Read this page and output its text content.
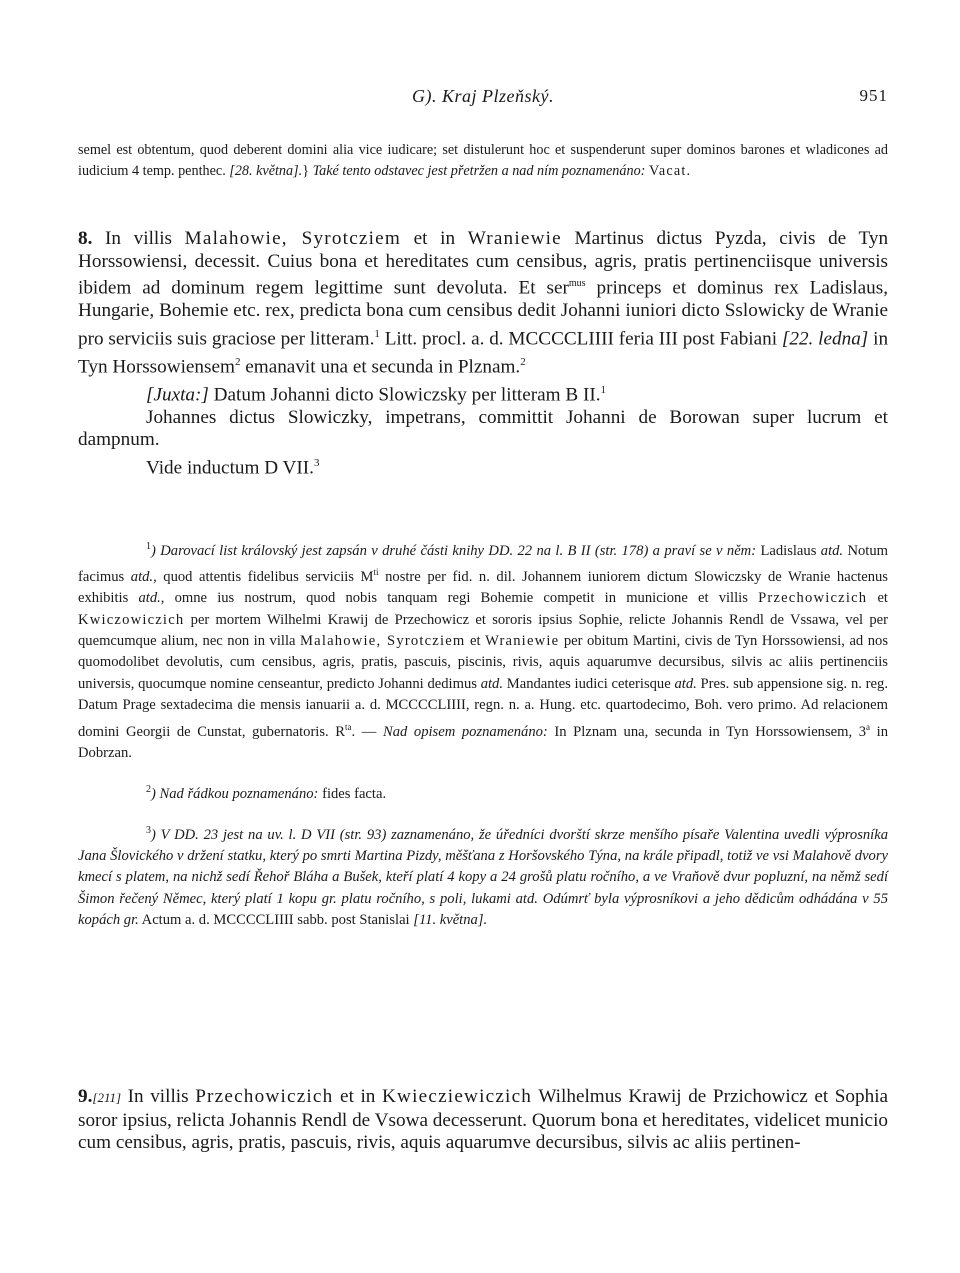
G). Kraj Plzeňský.	951

semel est obtentum, quod deberent domini alia vice iudicare; set distulerunt hoc et suspenderunt super dominos barones et wladicones ad iudicium 4 temp. penthec. [28. května].} Také tento odstavec jest přetržen a nad ním poznamenáno: Vacat.

8. In villis Malahowie, Syrotcziem et in Wraniewie Martinus dictus Pyzda, civis de Tyn Horssowiensi, decessit. Cuius bona et hereditates cum censibus, agris, pratis pertinenciisque universis ibidem ad dominum regem legittime sunt devoluta. Et ser$^{mus}$ princeps et dominus rex Ladislaus, Hungarie, Bohemie etc. rex, predicta bona cum censibus dedit Johanni iuniori dicto Sslowicky de Wranie pro serviciis suis graciose per litteram.$^1$ Litt. procl. a. d. MCCCCLIIII feria III post Fabiani [22. ledna] in Tyn Horssowiensem$^2$ emanavit una et secunda in Plznam.$^2$

[Juxta:] Datum Johanni dicto Slowiczsky per litteram B II.$^1$

Johannes dictus Slowiczky, impetrans, committit Johanni de Borowan super lucrum et dampnum.

Vide inductum D VII.$^3$

$^1$) Darovací list královský jest zapsán v druhé části knihy DD. 22 na l. B II (str. 178) a praví se v něm: Ladislaus atd. Notum facimus atd., quod attentis fidelibus serviciis $M^{ti}$ nostre per fid. n. dil. Johannem iuniorem dictum Slowiczsky de Wranie hactenus exhibitis atd., omne ius nostrum, quod nobis tanquam regi Bohemie competit in municione et villis Przechowiczich et Kwiczowiczich per mortem Wilhelmi Krawij de Przechowicz et sororis ipsius Sophie, relicte Johannis Rendl de Vssawa, vel per quemcumque alium, nec non in villa Malahowie, Syrotcziem et Wraniewie per obitum Martini, civis de Tyn Horssowiensi, ad nos quomodolibet devolutis, cum censibus, agris, pratis, pascuis, piscinis, rivis, aquis aquarumve decursibus, silvis ac aliis pertinenciis universis, quocumque nomine censeantur, predicto Johanni dedimus atd. Mandantes iudici ceterisque atd. Pres. sub appensione sig. n. reg. Datum Prage sextadecima die mensis ianuarii a. d. MCCCCLIIII, regn. n. a. Hung. etc. quartodecimo, Boh. vero primo. Ad relacionem domini Georgii de Cunstat, gubernatoris. $R^{ta}$. — Nad opisem poznamenáno: In Plznam una, secunda in Tyn Horssowiensem, 3$^a$ in Dobrzan.

$^2$) Nad řádkou poznamenáno: fides facta.

$^3$) V DD. 23 jest na uv. l. D VII (str. 93) zaznamenáno, že úředníci dvorští skrze menšího písaře Valentina uvedli výprosníka Jana Šlovického v držení statku, který po smrti Martina Pizdy, měšťana z Horšovského Týna, na krále připadl, totiž ve vsi Malahově dvory kmecí s platem, na nichž sedí Řehoř Bláha a Bušek, kteří platí 4 kopy a 24 grošů platu ročního, a ve Vraňově dvur popluzní, na němž sedí Šimon řečený Němec, který platí 1 kopu gr. platu ročního, s poli, lukami atd. Odúmrť byla výprosníkovi a jeho dědicům odhádána v 55 kopách gr. Actum a. d. MCCCCLIIII sabb. post Stanislai [11. května].

9.[211] In villis Przechowiczich et in Kwiecziewiczich Wilhelmus Krawij de Przichowicz et Sophia soror ipsius, relicta Johannis Rendl de Vsowa decesserunt. Quorum bona et hereditates, videlicet municio cum censibus, agris, pratis, pascuis, rivis, aquis aquarumve decursibus, silvis ac aliis pertinen-
